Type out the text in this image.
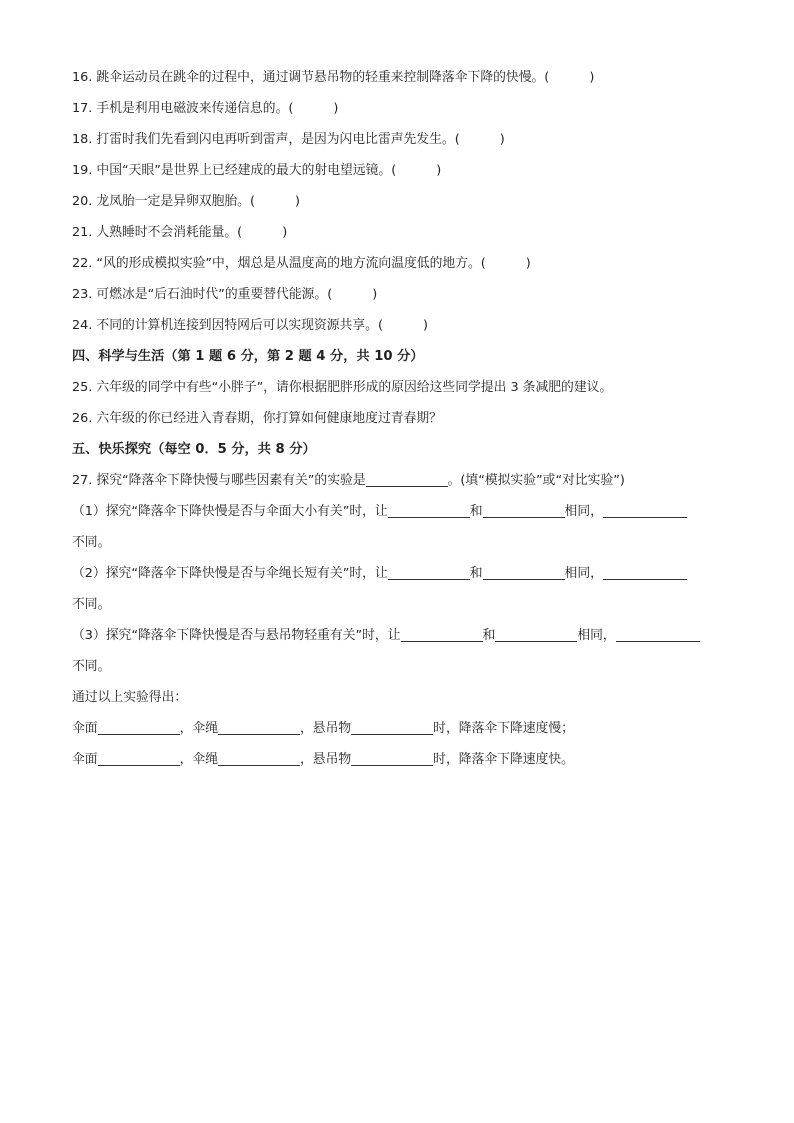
16. 跳伞运动员在跳伞的过程中，通过调节悬吊物的轻重来控制降落伞下降的快慢。(	)
17. 手机是利用电磁波来传递信息的。(	)
18. 打雷时我们先看到闪电再听到雷声，是因为闪电比雷声先发生。(	)
19. 中国“天眼”是世界上已经建成的最大的射电望远镜。(	)
20. 龙凤胎一定是异卵双胞胎。(	)
21. 人熟睡时不会消耗能量。(	)
22. “风的形成模拟实验”中，烟总是从温度高的地方流向温度低的地方。(	)
23. 可燃冰是“后石油时代”的重要替代能源。(	)
24. 不同的计算机连接到因特网后可以实现资源共享。(	)
四、科学与生活（第 1 题 6 分，第 2 题 4 分，共 10 分）
25. 六年级的同学中有些“小胖子”，请你根据肥胖形成的原因给这些同学提出 3 条减肥的建议。
26. 六年级的你已经进入青春期，你打算如何健康地度过青春期？
五、快乐探究（每空 0．5 分，共 8 分）
27. 探究“降落伞下降快慢与哪些因素有关”的实验是	。(填“模拟实验”或“对比实验”)
（1）探究“降落伞下降快慢是否与伞面大小有关”时，让	和	相同，
不同。
（2）探究“降落伞下降快慢是否与伞绳长短有关”时，让	和	相同，
不同。
（3）探究“降落伞下降快慢是否与悬吊物轻重有关”时，让	和	相同，
不同。
通过以上实验得出：
伞面	，伞绳	，悬吊物	时，降落伞下降速度慢；
伞面	，伞绳	，悬吊物	时，降落伞下降速度快。
